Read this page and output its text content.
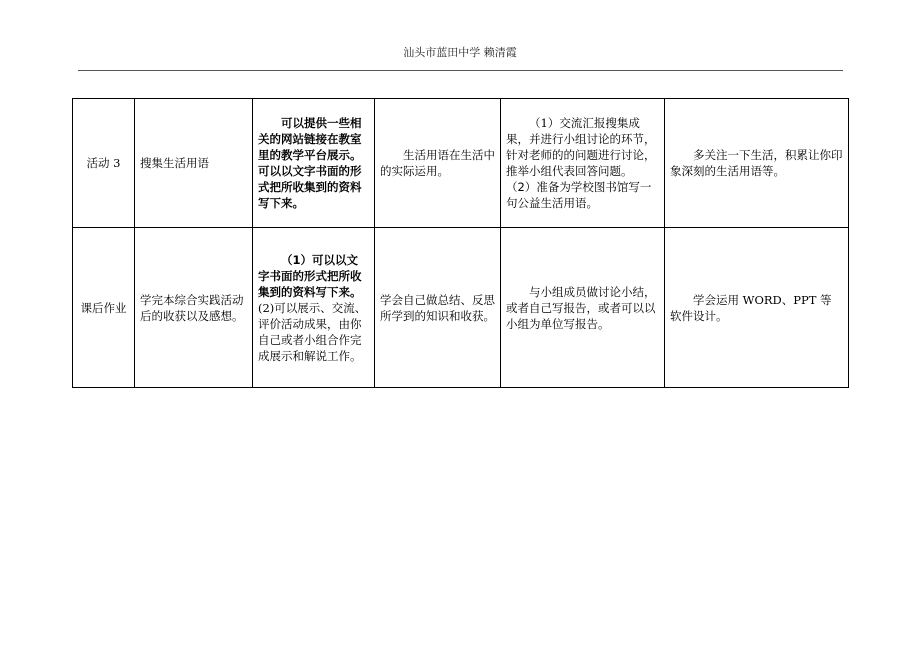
汕头市蓝田中学 赖清霞
活动 3	搜集生活用语	可以提供一些相关的网站链接在教室里的教学平台展示。 可以以文字书面的形式把所收集到的资料写下来。	生活用语在生活中的实际运用。	（1）交流汇报搜集成果，并进行小组讨论的环节，针对老师的的问题进行讨论，推举小组代表回答问题。
（2）准备为学校图书馆写一句公益生活用语。	多关注一下生活，积累让你印象深刻的生活用语等。

课后作业	学完本综合实践活动后的收获以及感想。	（1）可以以文字书面的形式把所收集到的资料写下来。
(2)可以展示、交流、评价活动成果，由你自己或者小组合作完成展示和解说工作。	学会自己做总结、反思所学到的知识和收获。	与小组成员做讨论小结，或者自己写报告，或者可以以小组为单位写报告。	学会运用 WORD、PPT 等软件设计。
